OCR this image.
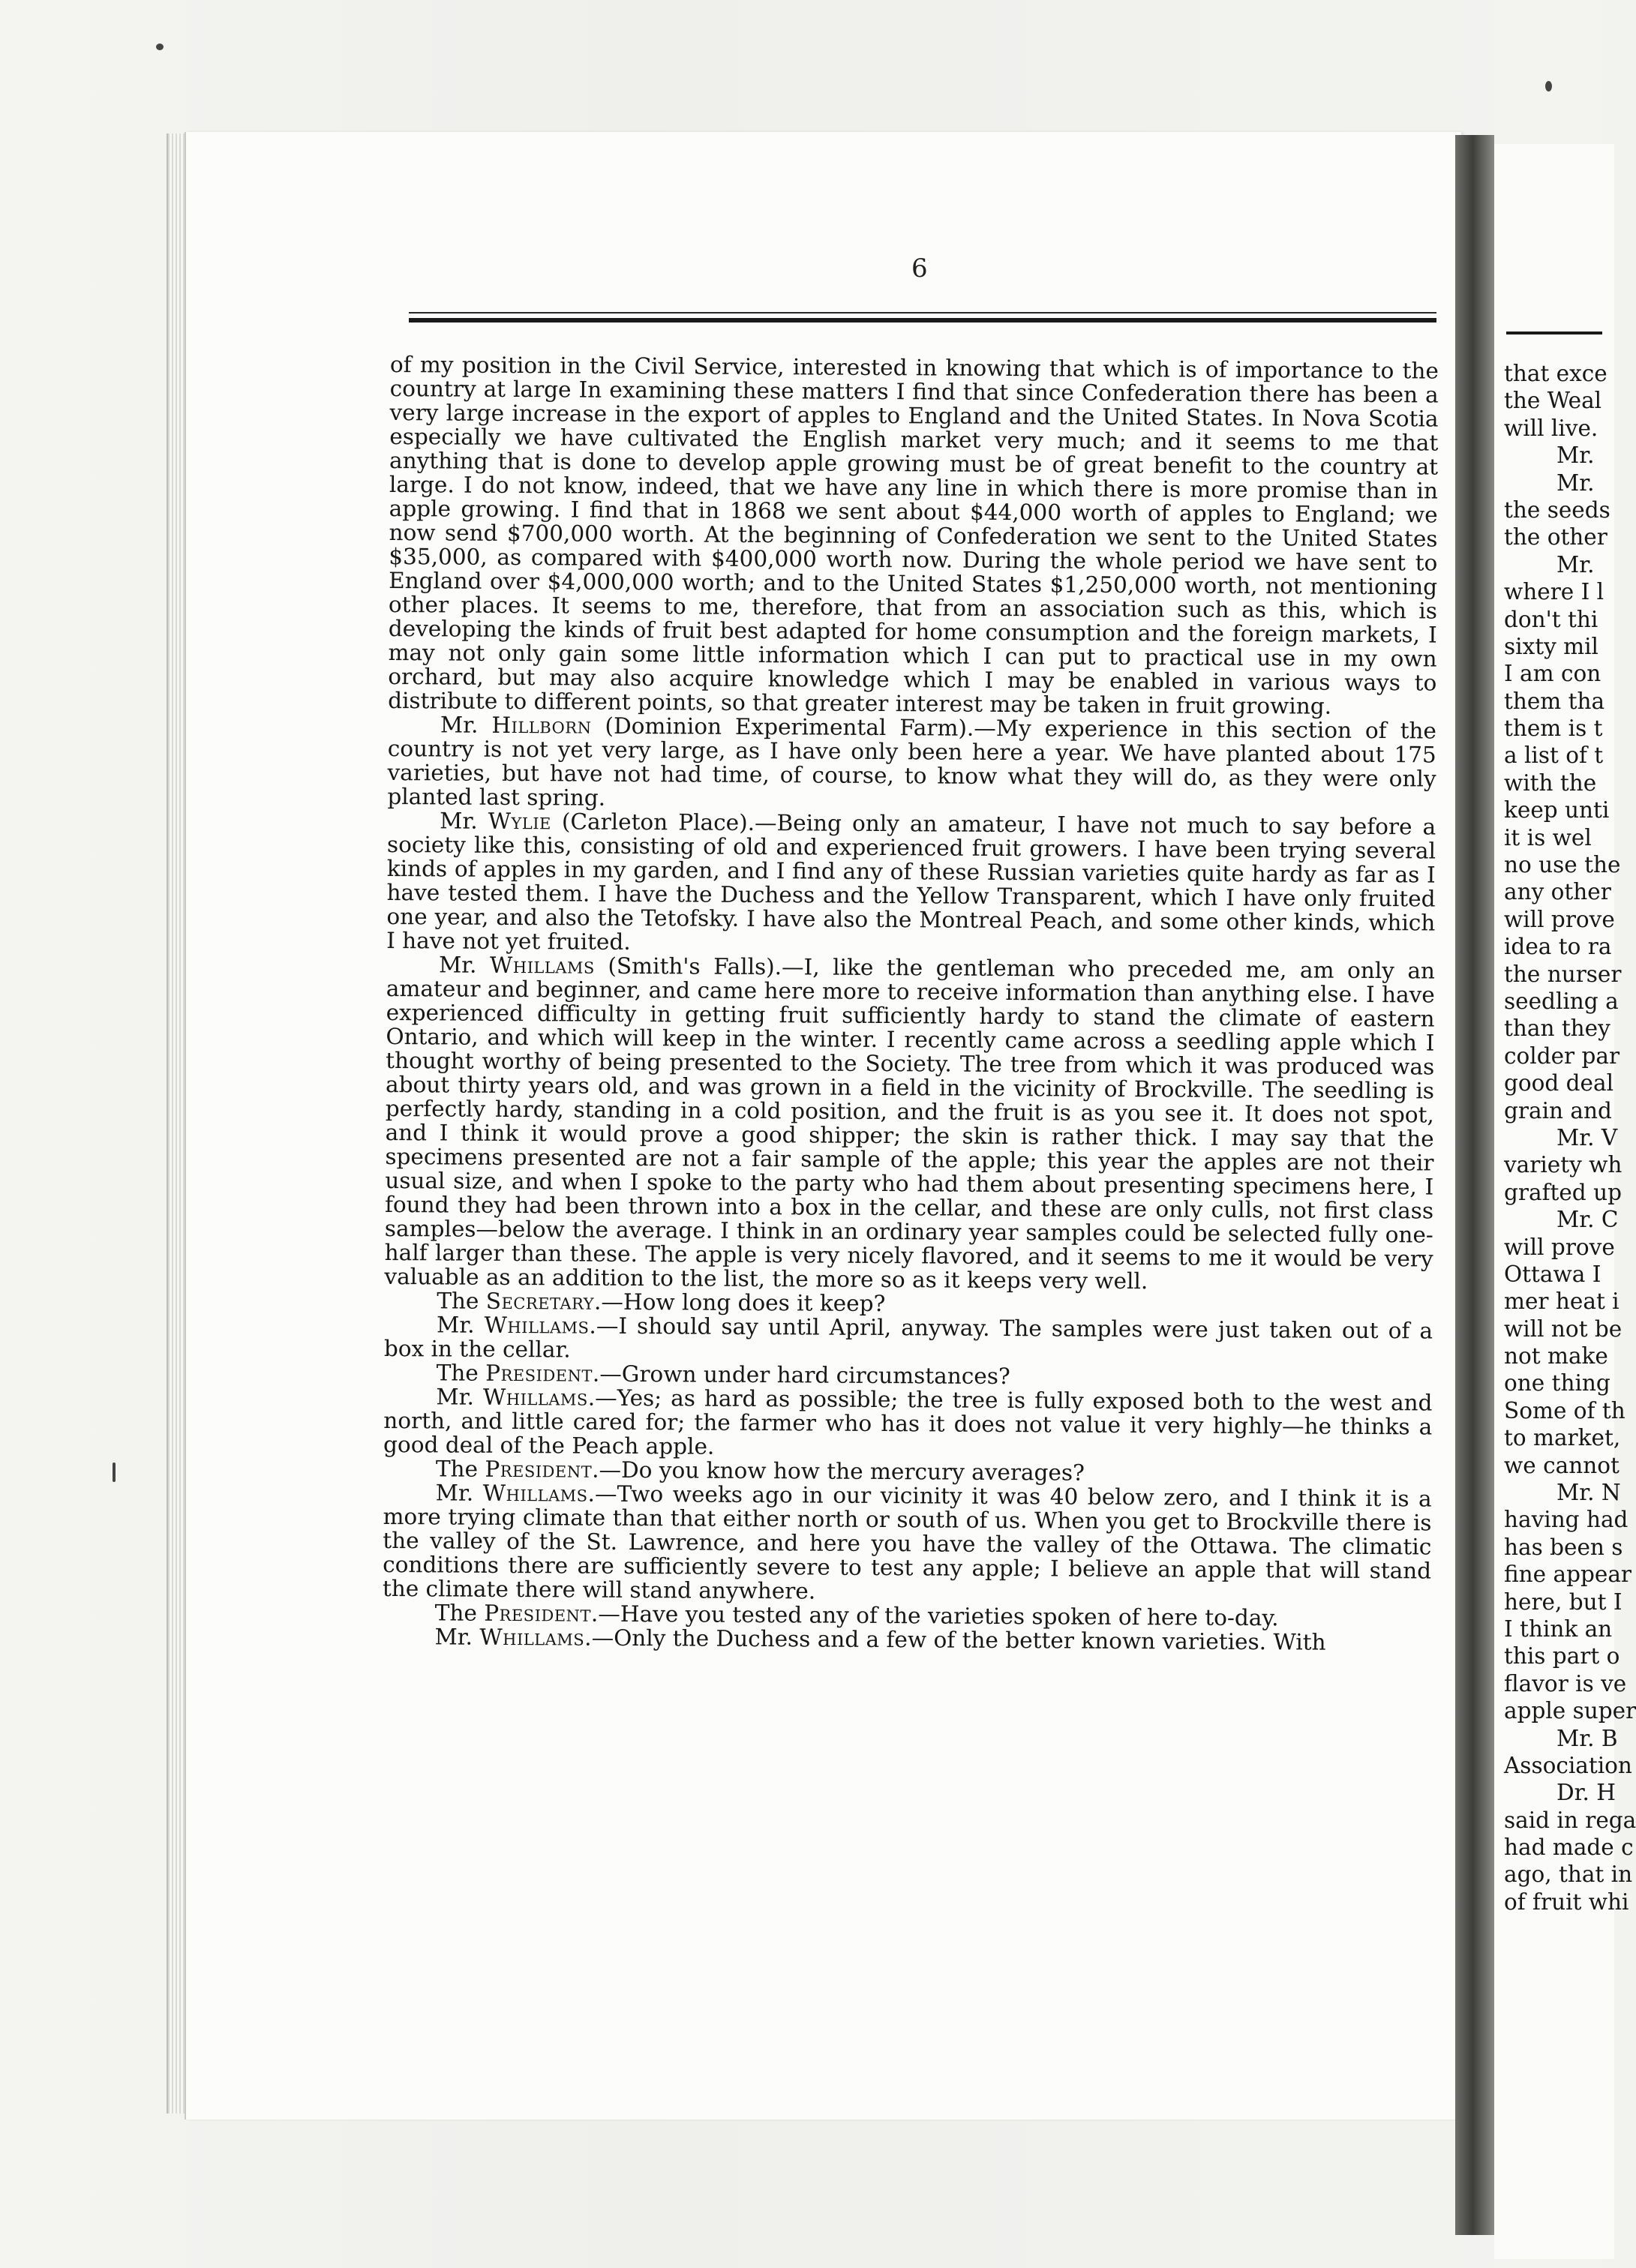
6

of my position in the Civil Service, interested in knowing that which is of importance to the country at large In examining these matters I find that since Confederation there has been a very large increase in the export of apples to England and the United States. In Nova Scotia especially we have cultivated the English market very much; and it seems to me that anything that is done to develop apple growing must be of great benefit to the country at large. I do not know, indeed, that we have any line in which there is more promise than in apple growing. I find that in 1868 we sent about $44,000 worth of apples to England; we now send $700,000 worth. At the beginning of Confederation we sent to the United States $35,000, as compared with $400,000 worth now. During the whole period we have sent to England over $4,000,000 worth; and to the United States $1,250,000 worth, not mentioning other places. It seems to me, therefore, that from an association such as this, which is developing the kinds of fruit best adapted for home consumption and the foreign markets, I may not only gain some little information which I can put to practical use in my own orchard, but may also acquire knowledge which I may be enabled in various ways to distribute to different points, so that greater interest may be taken in fruit growing.

Mr. Hillborn (Dominion Experimental Farm).—My experience in this section of the country is not yet very large, as I have only been here a year. We have planted about 175 varieties, but have not had time, of course, to know what they will do, as they were only planted last spring.

Mr. Wylie (Carleton Place).—Being only an amateur, I have not much to say before a society like this, consisting of old and experienced fruit growers. I have been trying several kinds of apples in my garden, and I find any of these Russian varieties quite hardy as far as I have tested them. I have the Duchess and the Yellow Transparent, which I have only fruited one year, and also the Tetofsky. I have also the Montreal Peach, and some other kinds, which I have not yet fruited.

Mr. Whillams (Smith's Falls).—I, like the gentleman who preceded me, am only an amateur and beginner, and came here more to receive information than anything else. I have experienced difficulty in getting fruit sufficiently hardy to stand the climate of eastern Ontario, and which will keep in the winter. I recently came across a seedling apple which I thought worthy of being presented to the Society. The tree from which it was produced was about thirty years old, and was grown in a field in the vicinity of Brockville. The seedling is perfectly hardy, standing in a cold position, and the fruit is as you see it. It does not spot, and I think it would prove a good shipper; the skin is rather thick. I may say that the specimens presented are not a fair sample of the apple; this year the apples are not their usual size, and when I spoke to the party who had them about presenting specimens here, I found they had been thrown into a box in the cellar, and these are only culls, not first class samples—below the average. I think in an ordinary year samples could be selected fully one-half larger than these. The apple is very nicely flavored, and it seems to me it would be very valuable as an addition to the list, the more so as it keeps very well.

The Secretary.—How long does it keep?

Mr. Whillams.—I should say until April, anyway. The samples were just taken out of a box in the cellar.

The President.—Grown under hard circumstances?

Mr. Whillams.—Yes; as hard as possible; the tree is fully exposed both to the west and north, and little cared for; the farmer who has it does not value it very highly—he thinks a good deal of the Peach apple.

The President.—Do you know how the mercury averages?

Mr. Whillams.—Two weeks ago in our vicinity it was 40 below zero, and I think it is a more trying climate than that either north or south of us. When you get to Brockville there is the valley of the St. Lawrence, and here you have the valley of the Ottawa. The climatic conditions there are sufficiently severe to test any apple; I believe an apple that will stand the climate there will stand anywhere.

The President.—Have you tested any of the varieties spoken of here to-day.

Mr. Whillams.—Only the Duchess and a few of the better known varieties. With

that exce
the Weal
will live.
Mr.
Mr.
the seeds
the other
Mr.
where I l
don't thi
sixty mil
I am con
them tha
them is t
a list of t
with the
keep unti
it is wel
no use the
any other
will prove
idea to ra
the nurser
seedling a
than they
colder par
good deal
grain and
Mr. V
variety wh
grafted up
Mr. C
will prove
Ottawa I
mer heat i
will not be
not make
one thing
Some of th
to market,
we cannot
Mr. N
having had
has been s
fine appear
here, but I
I think an
this part o
flavor is ve
apple super
Mr. B
Association
Dr. H
said in rega
had made c
ago, that in
of fruit whi
